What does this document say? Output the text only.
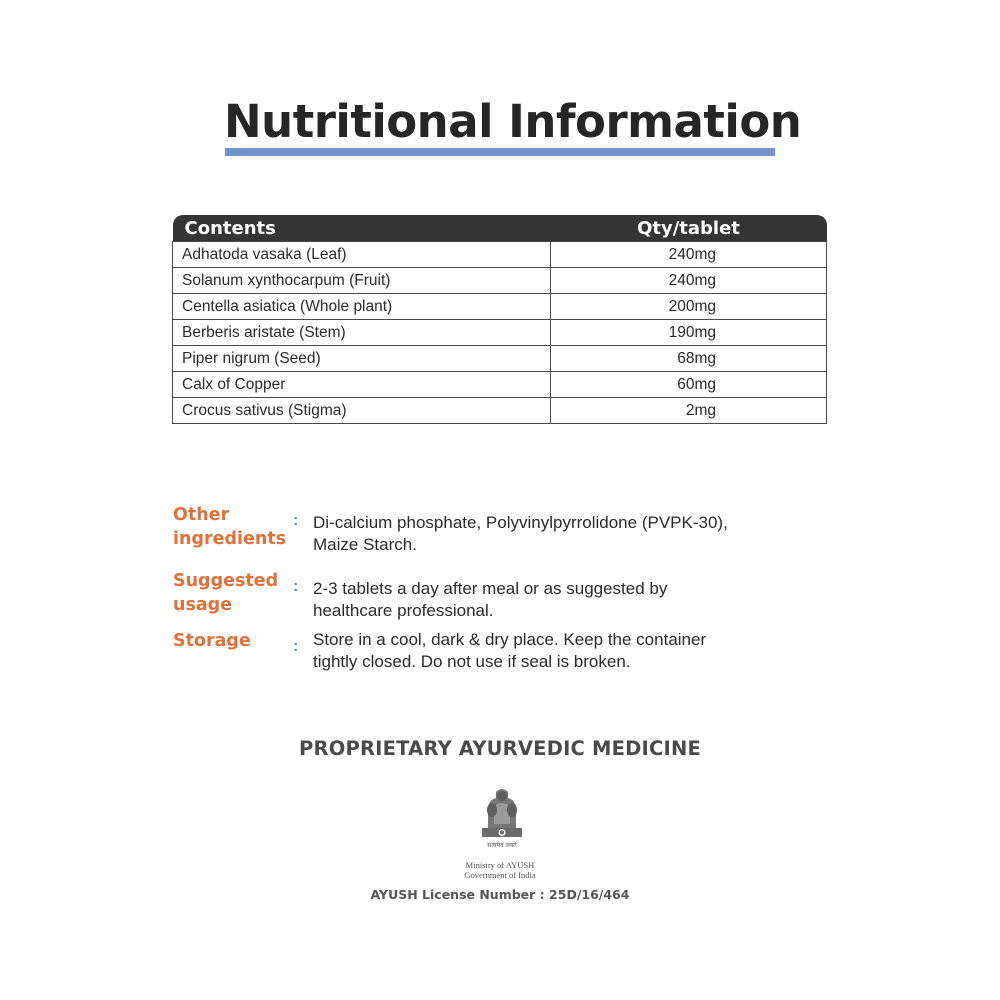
Nutritional Information
Contents	Qty/tablet
Adhatoda vasaka (Leaf)	240mg
Solanum xynthocarpum (Fruit)	240mg
Centella asiatica (Whole plant)	200mg
Berberis aristate (Stem)	190mg
Piper nigrum (Seed)	68mg
Calx of Copper	60mg
Crocus sativus (Stigma)	2mg
Other
ingredients
: Di-calcium phosphate, Polyvinylpyrrolidone (PVPK-30),
Maize Starch.
Suggested
usage
: 2-3 tablets a day after meal or as suggested by
healthcare professional.
Storage	: Store in a cool, dark & dry place. Keep the container
tightly closed. Do not use if seal is broken.
PROPRIETARY AYURVEDIC MEDICINE
सत्यमेव जयते
Ministry of AYUSH
Government of India
AYUSH License Number : 25D/16/464
